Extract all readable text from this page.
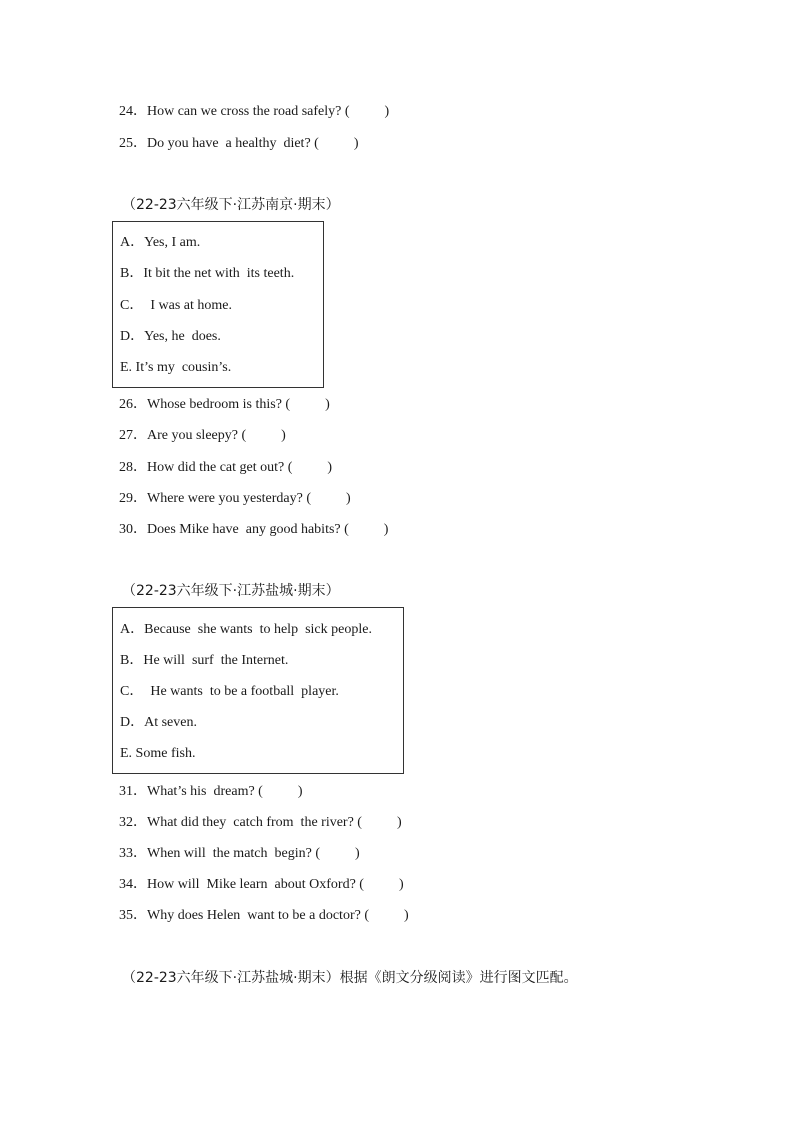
24．How can we cross the road safely? (          )
25．Do you have  a healthy  diet? (          )
（22-23六年级下·江苏南京·期末）
A．Yes, I am.
B．It bit the net with  its teeth.
C．  I was at home.
D．Yes, he  does.
E. It’s my  cousin’s.
26．Whose bedroom is this? (          )
27．Are you sleepy? (          )
28．How did the cat get out? (          )
29．Where were you yesterday? (          )
30．Does Mike have  any good habits? (          )
（22-23六年级下·江苏盐城·期末）
A．Because  she wants  to help  sick people.
B．He will  surf  the Internet.
C．  He wants  to be a football  player.
D．At seven.
E. Some fish.
31．What’s his  dream? (          )
32．What did they  catch from  the river? (          )
33．When will  the match  begin? (          )
34．How will  Mike learn  about Oxford? (          )
35．Why does Helen  want to be a doctor? (          )
（22-23六年级下·江苏盐城·期末）根据《朗文分级阅读》进行图文匹配。
